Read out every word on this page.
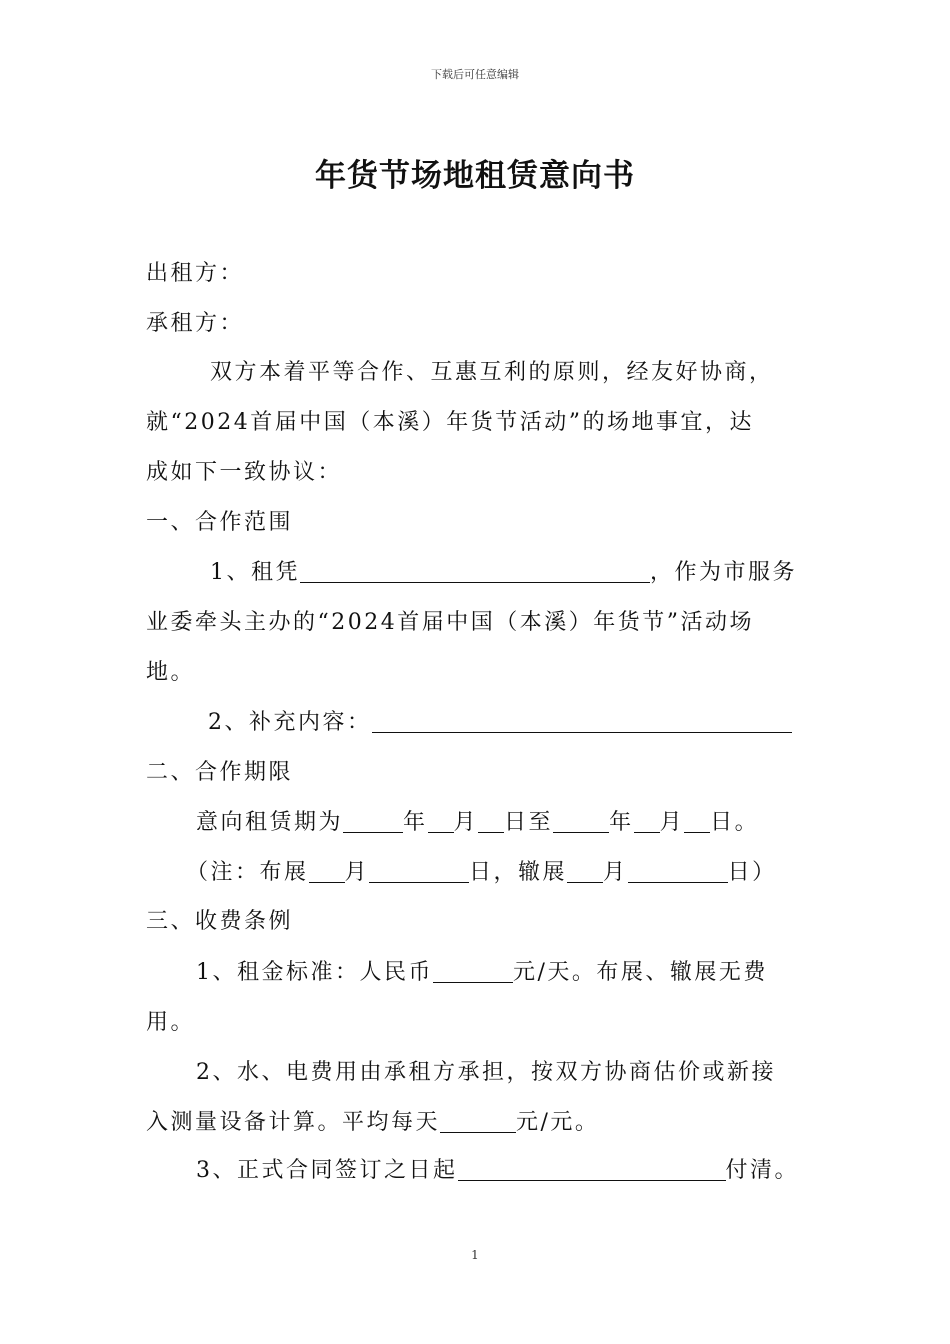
下载后可任意编辑
年货节场地租赁意向书
出租方：
承租方：
双方本着平等合作、互惠互利的原则，经友好协商，
就“2024首届中国（本溪）年货节活动”的场地事宜，达
成如下一致协议：
一、合作范围
1、租凭	，作为市服务
业委牵头主办的“2024首届中国（本溪）年货节”活动场
地。
2、补充内容：
二、合作期限
意向租赁期为	年 月 日至	年 月 日。
（注：布展 月	日，辙展 月	日）
三、收费条例
1、租金标准：人民币	元/天。布展、辙展无费
用。
2、水、电费用由承租方承担，按双方协商估价或新接
入测量设备计算。平均每天	元/元。
3、正式合同签订之日起	付清。
1
